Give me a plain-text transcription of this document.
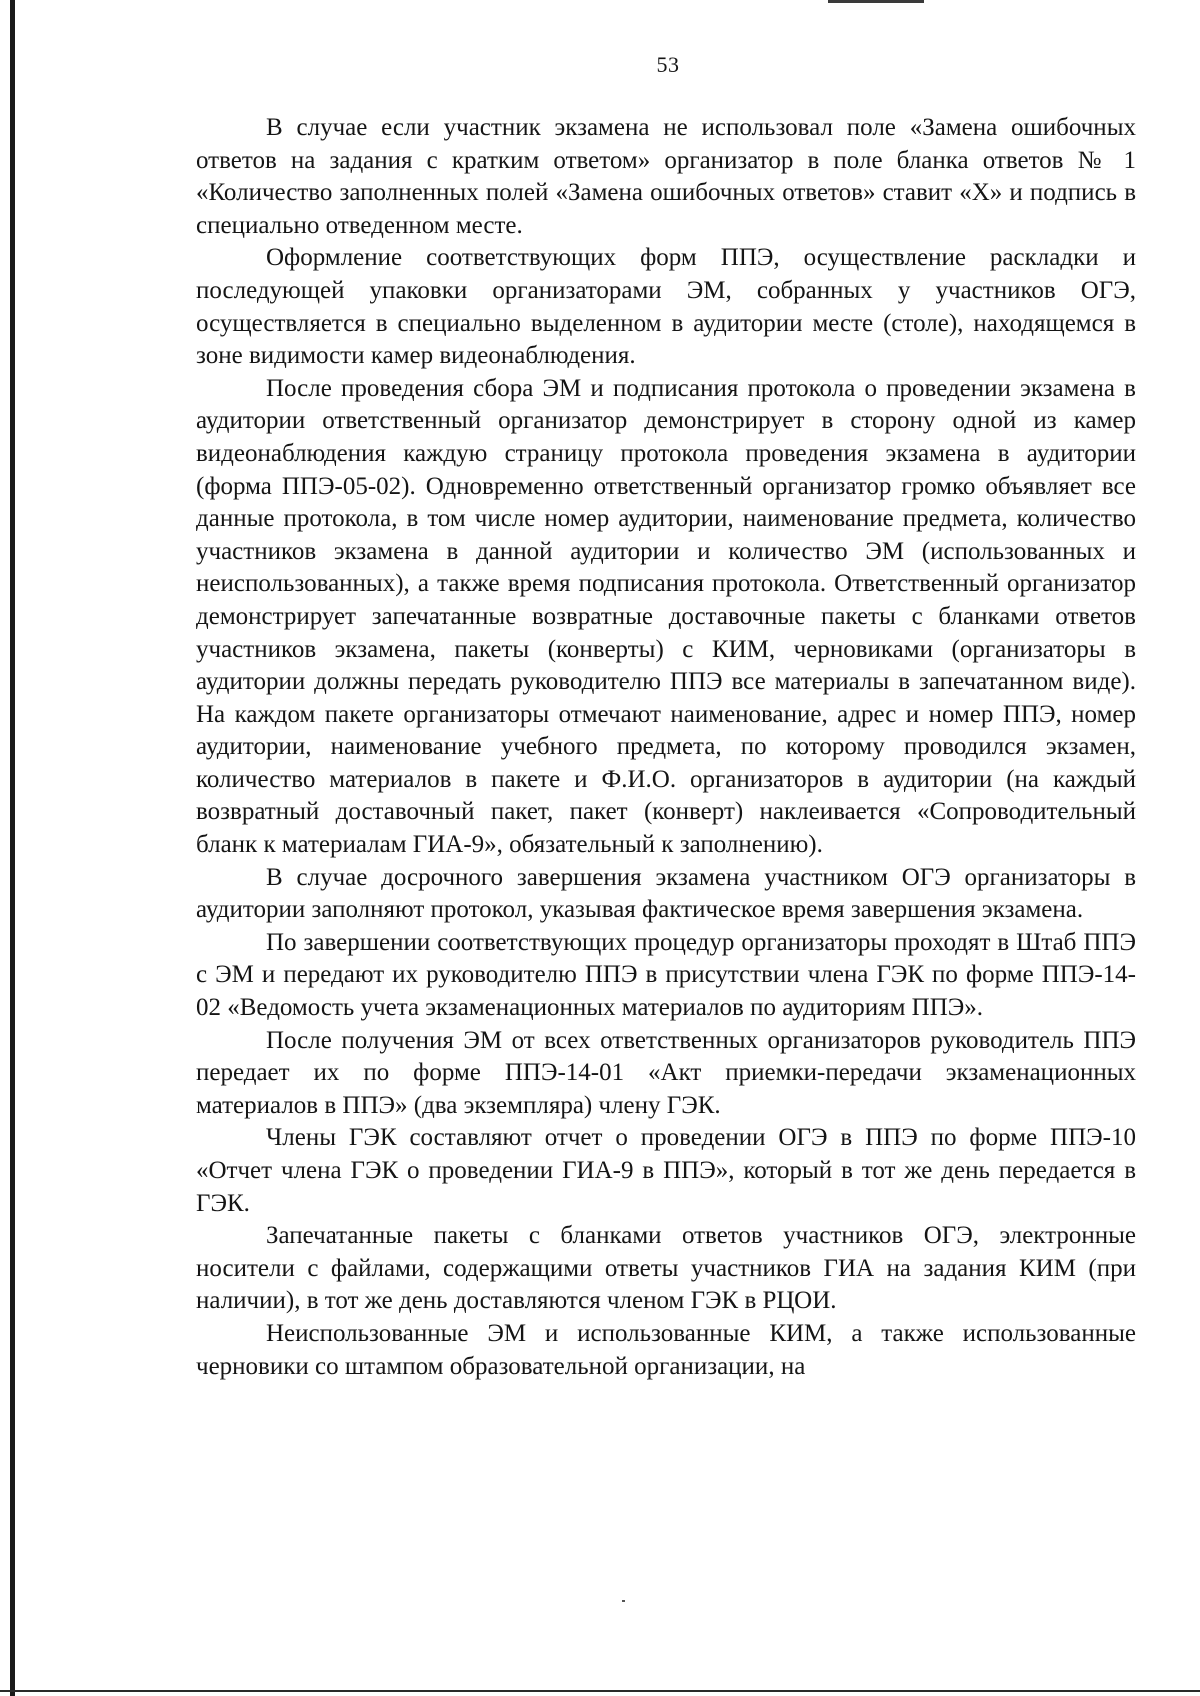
53

В случае если участник экзамена не использовал поле «Замена ошибочных ответов на задания с кратким ответом» организатор в поле бланка ответов № 1 «Количество заполненных полей «Замена ошибочных ответов» ставит «X» и подпись в специально отведенном месте.

Оформление соответствующих форм ППЭ, осуществление раскладки и последующей упаковки организаторами ЭМ, собранных у участников ОГЭ, осуществляется в специально выделенном в аудитории месте (столе), находящемся в зоне видимости камер видеонаблюдения.

После проведения сбора ЭМ и подписания протокола о проведении экзамена в аудитории ответственный организатор демонстрирует в сторону одной из камер видеонаблюдения каждую страницу протокола проведения экзамена в аудитории (форма ППЭ-05-02). Одновременно ответственный организатор громко объявляет все данные протокола, в том числе номер аудитории, наименование предмета, количество участников экзамена в данной аудитории и количество ЭМ (использованных и неиспользованных), а также время подписания протокола. Ответственный организатор демонстрирует запечатанные возвратные доставочные пакеты с бланками ответов участников экзамена, пакеты (конверты) с КИМ, черновиками (организаторы в аудитории должны передать руководителю ППЭ все материалы в запечатанном виде). На каждом пакете организаторы отмечают наименование, адрес и номер ППЭ, номер аудитории, наименование учебного предмета, по которому проводился экзамен, количество материалов в пакете и Ф.И.О. организаторов в аудитории (на каждый возвратный доставочный пакет, пакет (конверт) наклеивается «Сопроводительный бланк к материалам ГИА-9», обязательный к заполнению).

В случае досрочного завершения экзамена участником ОГЭ организаторы в аудитории заполняют протокол, указывая фактическое время завершения экзамена.

По завершении соответствующих процедур организаторы проходят в Штаб ППЭ с ЭМ и передают их руководителю ППЭ в присутствии члена ГЭК по форме ППЭ-14-02 «Ведомость учета экзаменационных материалов по аудиториям ППЭ».

После получения ЭМ от всех ответственных организаторов руководитель ППЭ передает их по форме ППЭ-14-01 «Акт приемки-передачи экзаменационных материалов в ППЭ» (два экземпляра) члену ГЭК.

Члены ГЭК составляют отчет о проведении ОГЭ в ППЭ по форме ППЭ-10 «Отчет члена ГЭК о проведении ГИА-9 в ППЭ», который в тот же день передается в ГЭК.

Запечатанные пакеты с бланками ответов участников ОГЭ, электронные носители с файлами, содержащими ответы участников ГИА на задания КИМ (при наличии), в тот же день доставляются членом ГЭК в РЦОИ.

Неиспользованные ЭМ и использованные КИМ, а также использованные черновики со штампом образовательной организации, на
